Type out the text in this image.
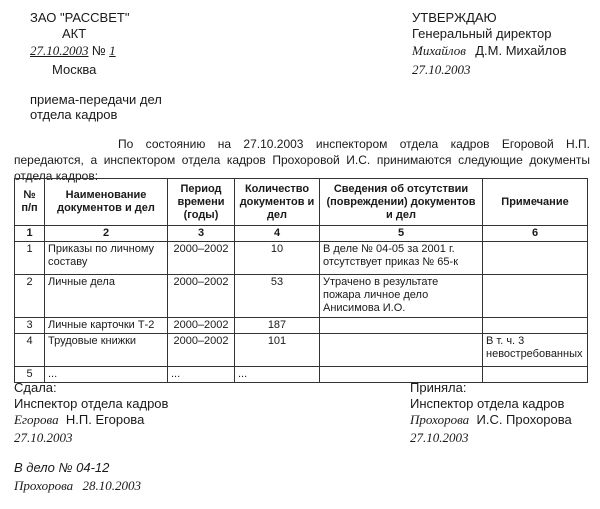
ЗАО "РАССВЕТ"
АКТ
27.10.2003 № 1
Москва
приема-передачи дел
отдела кадров
УТВЕРЖДАЮ
Генеральный директор
Михайлов Д.М. Михайлов
27.10.2003
По состоянию на 27.10.2003 инспектором отдела кадров Егоровой Н.П. передаются, а инспектором отдела кадров Прохоровой И.С. принимаются следующие документы отдела кадров:
№ п/п	Наименование документов и дел	Период времени (годы)	Количество документов и дел	Сведения об отсутствии (повреждении) документов и дел	Примечание
1	2	3	4	5	6
1	Приказы по личному составу	2000–2002	10	В деле № 04-05 за 2001 г. отсутствует приказ № 65-к	
2	Личные дела	2000–2002	53	Утрачено в результате пожара личное дело Анисимова И.О.	
3	Личные карточки Т-2	2000–2002	187		
4	Трудовые книжки	2000–2002	101		В т. ч. 3 невостребованных
5	...	...	...		
Сдала:
Инспектор отдела кадров
Егорова Н.П. Егорова
27.10.2003
Приняла:
Инспектор отдела кадров
Прохорова И.С. Прохорова
27.10.2003
В дело № 04-12
Прохорова 28.10.2003
